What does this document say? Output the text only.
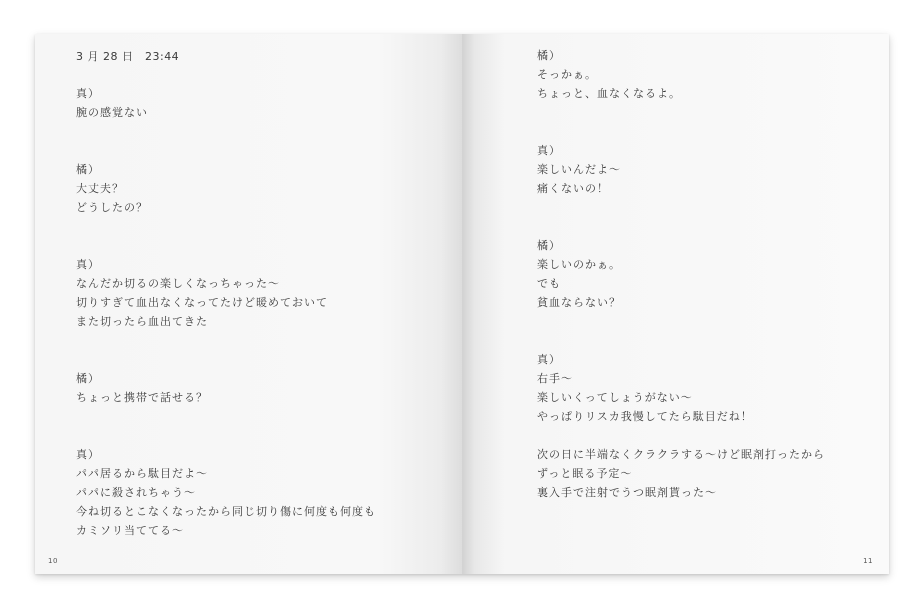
3 月 28 日　23:44
真）
腕の感覚ない
橘）
大丈夫？
どうしたの？
真）
なんだか切るの楽しくなっちゃった〜
切りすぎて血出なくなってたけど暖めておいて
また切ったら血出てきた
橘）
ちょっと携帯で話せる？
真）
パパ居るから駄目だよ〜
パパに殺されちゃう〜
今ね切るとこなくなったから同じ切り傷に何度も何度も
カミソリ当ててる〜
10
橘）
そっかぁ。
ちょっと、血なくなるよ。
真）
楽しいんだよ〜
痛くないの！
橘）
楽しいのかぁ。
でも
貧血ならない？
真）
右手〜
楽しいくってしょうがない〜
やっぱりリスカ我慢してたら駄目だね！
次の日に半端なくクラクラする〜けど眠剤打ったから
ずっと眠る予定〜
裏入手で注射でうつ眠剤貰った〜
11
